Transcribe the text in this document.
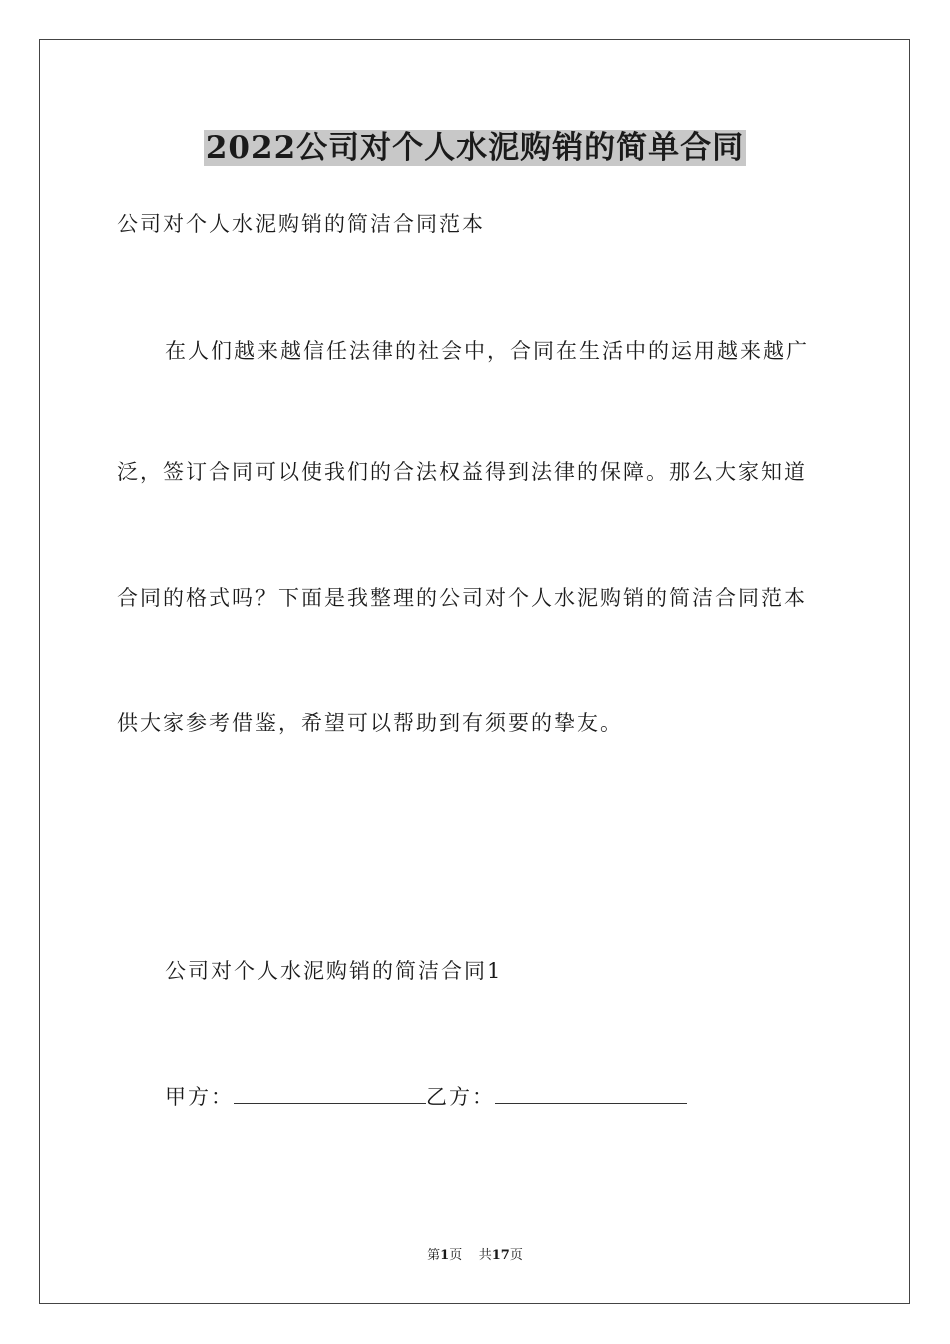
2022公司对个人水泥购销的简单合同
公司对个人水泥购销的简洁合同范本
在人们越来越信任法律的社会中，合同在生活中的运用越来越广
泛，签订合同可以使我们的合法权益得到法律的保障。那么大家知道
合同的格式吗？下面是我整理的公司对个人水泥购销的简洁合同范本
供大家参考借鉴，希望可以帮助到有须要的挚友。
公司对个人水泥购销的简洁合同1
甲方：	乙方：
第1页 共17页
